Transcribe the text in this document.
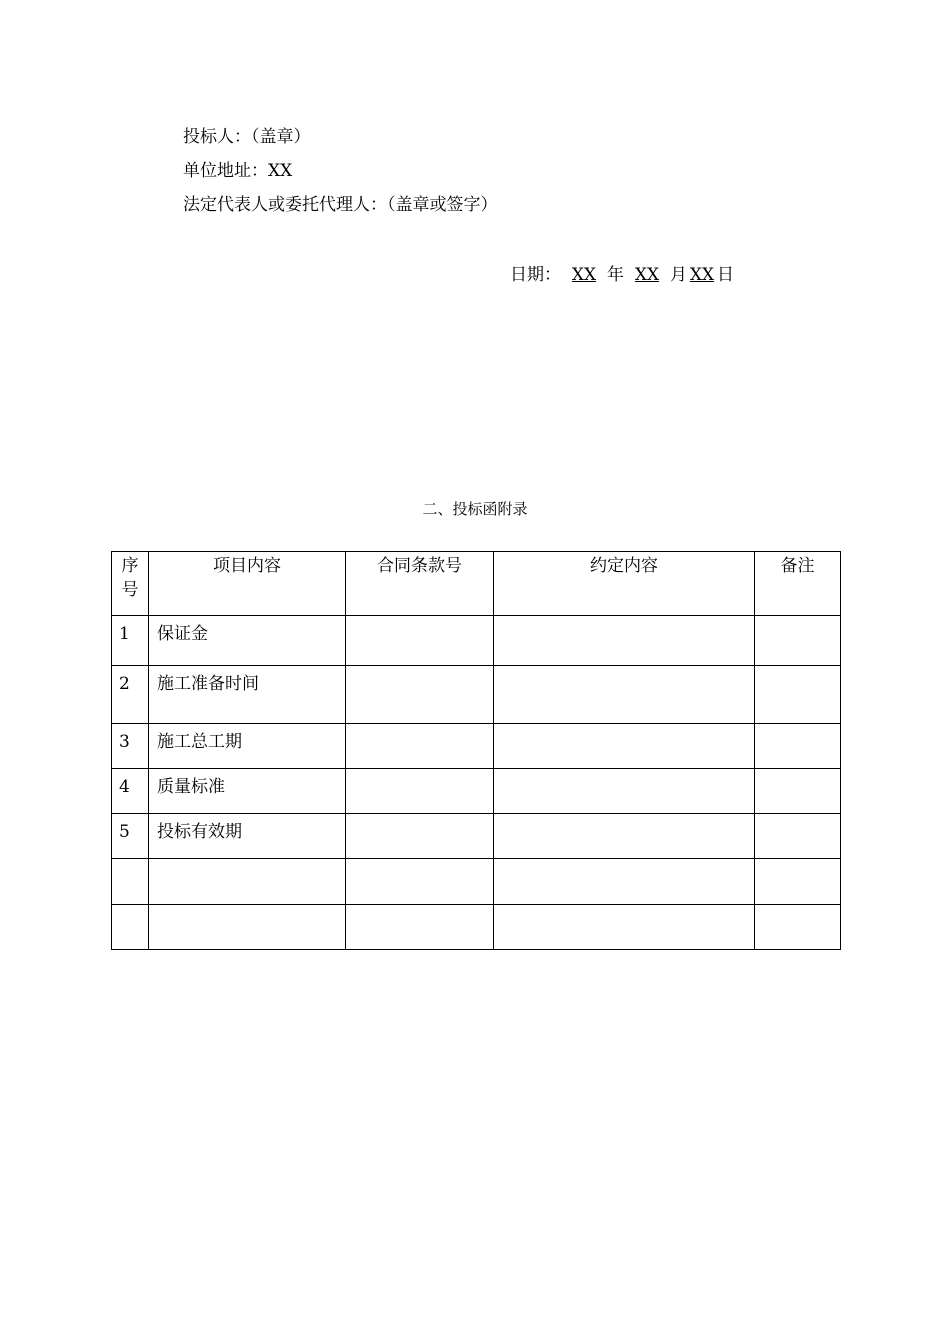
投标人：（盖章）
单位地址：XX
法定代表人或委托代理人：（盖章或签字）
日期： XX 年 XX 月 XX 日
二、投标函附录
序号	项目内容	合同条款号	约定内容	备注
1	保证金			
2	施工准备时间			
3	施工总工期			
4	质量标准			
5	投标有效期			
